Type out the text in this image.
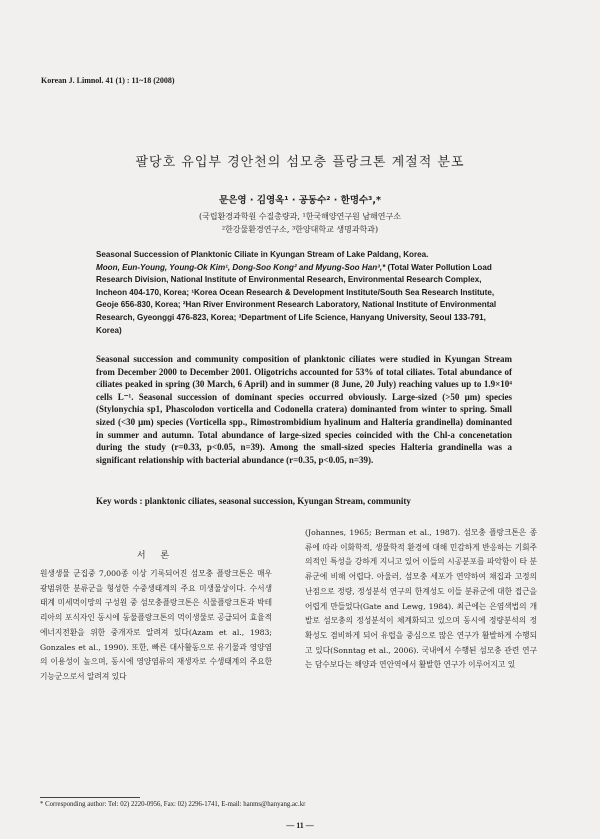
Korean J. Limnol. 41 (1) : 11~18 (2008)
팔당호 유입부 경안천의 섬모충 플랑크톤 계절적 분포
문은영 · 김영옥¹ · 공동수² · 한명수³,*
(국립환경과학원 수질총량과, ¹한국해양연구원 남해연구소
²한강물환경연구소, ³한양대학교 생명과학과)
Seasonal Succession of Planktonic Ciliate in Kyungan Stream of Lake Paldang, Korea.
Moon, Eun-Young, Young-Ok Kim¹, Dong-Soo Kong² and Myung-Soo Han³,* (Total Water Pollution Load Research Division, National Institute of Environmental Research, Environmental Research Complex, Incheon 404-170, Korea; ¹Korea Ocean Research & Development Institute/South Sea Research Institute, Geoje 656-830, Korea; ²Han River Environment Research Laboratory, National Institute of Environmental Research, Gyeonggi 476-823, Korea; ³Department of Life Science, Hanyang University, Seoul 133-791, Korea)
Seasonal succession and community composition of planktonic ciliates were studied in Kyungan Stream from December 2000 to December 2001. Oligotrichs accounted for 53% of total ciliates. Total abundance of ciliates peaked in spring (30 March, 6 April) and in summer (8 June, 20 July) reaching values up to 1.9×10⁴ cells L⁻¹. Seasonal succession of dominant species occurred obviously. Large-sized (>50 μm) species (Stylonychia sp1, Phascolodon vorticella and Codonella cratera) dominanted from winter to spring. Small sized (<30 μm) species (Vorticella spp., Rimostrombidium hyalinum and Halteria grandinella) dominanted in summer and autumn. Total abundance of large-sized species coincided with the Chl-a concenetation during the study (r=0.33, p<0.05, n=39). Among the small-sized species Halteria grandinella was a significant relationship with bacterial abundance (r=0.35, p<0.05, n=39).
Key words : planktonic ciliates, seasonal succession, Kyungan Stream, community
서 론

원생생물 군집중 7,000종 이상 기록되어진 섬모충 플랑크톤은 매우 광범위한 분류군을 형성한 수중생태계의 주요 미생물상이다. 수서생태계 미세먹이망의 구성원 중 섬모충플랑크톤은 식물플랑크톤과 박테리아의 포식자인 동시에 동물플랑크톤의 먹이생물로 공급되어 효율적 에너지전환을 위한 중개자로 알려져 있다(Azam et al., 1983; Gonzales et al., 1990). 또한, 빠른 대사활동으로 유기물과 영양염의 이용성이 높으며, 동시에 영양염류의 재생자로 수생태계의 주요한 기능군으로서 알려져 있다

(Johannes, 1965; Berman et al., 1987). 섬모충 플랑크톤은 종류에 따라 이화학적, 생물학적 환경에 대해 민감하게 반응하는 기회주의적인 특성을 강하게 지니고 있어 이들의 시공분포를 파악함이 타 분류군에 비해 어렵다. 아울러, 섬모충 세포가 연약하여 채집과 고정의 난점으로 정량, 정성분석 연구의 한계성도 이들 분류군에 대한 접근을 어렵게 만들었다(Gate and Lewg, 1984). 최근에는 은염색법의 개발로 섬모충의 정성분석이 체계화되고 있으며 동시에 정량분석의 정확성도 겸비하게 되어 유럽을 중심으로 많은 연구가 활발하게 수행되고 있다(Sonntag et al., 2006). 국내에서 수행된 섬모충 관련 연구는 담수보다는 해양과 연안역에서 활발한 연구가 이루어지고 있

* Corresponding author: Tel: 02) 2220-0956, Fax: 02) 2296-1741, E-mail: hanms@hanyang.ac.kr
— 11 —
